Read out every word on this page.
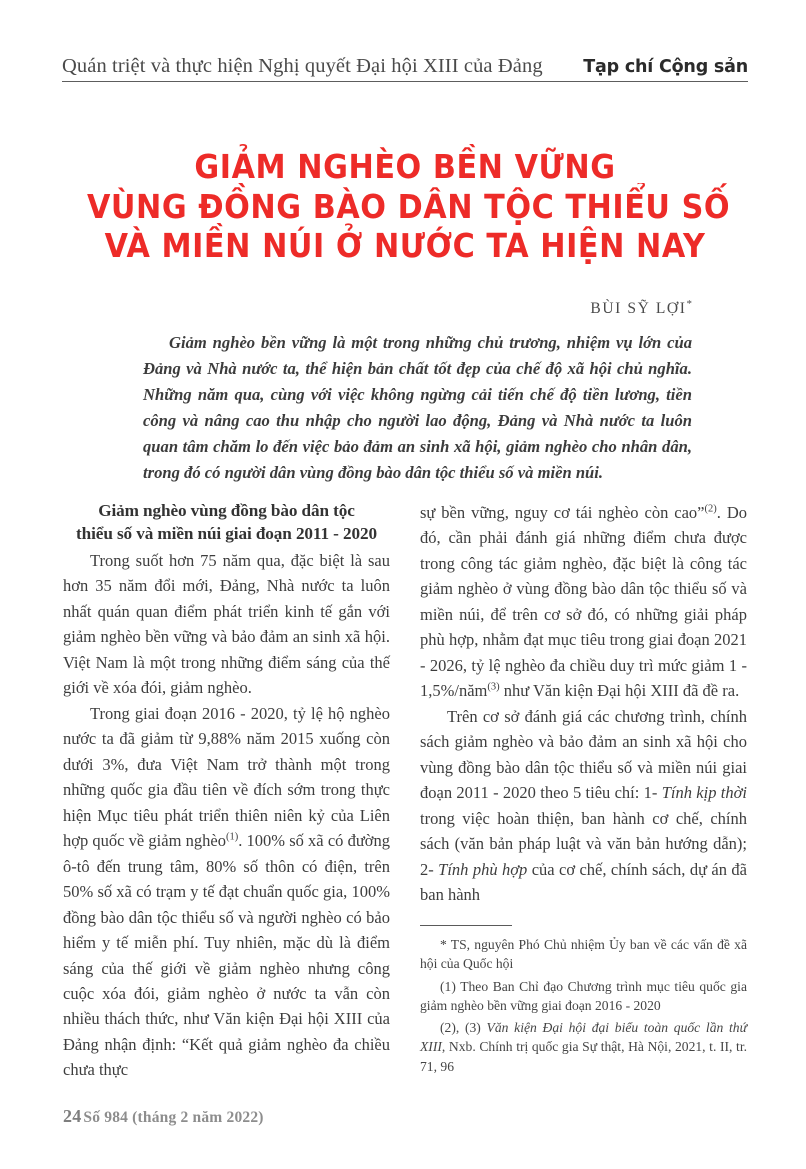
Quán triệt và thực hiện Nghị quyết Đại hội XIII của Đảng Tạp chí Cộng sản
GIẢM NGHÈO BỀN VỮNG
VÙNG ĐỒNG BÀO DÂN TỘC THIỂU SỐ
VÀ MIỀN NÚI Ở NƯỚC TA HIỆN NAY
BÙI SỸ LỢI*
Giảm nghèo bền vững là một trong những chủ trương, nhiệm vụ lớn của Đảng và Nhà nước ta, thể hiện bản chất tốt đẹp của chế độ xã hội chủ nghĩa. Những năm qua, cùng với việc không ngừng cải tiến chế độ tiền lương, tiền công và nâng cao thu nhập cho người lao động, Đảng và Nhà nước ta luôn quan tâm chăm lo đến việc bảo đảm an sinh xã hội, giảm nghèo cho nhân dân, trong đó có người dân vùng đồng bào dân tộc thiểu số và miền núi.
Giảm nghèo vùng đồng bào dân tộc
thiểu số và miền núi giai đoạn 2011 - 2020

Trong suốt hơn 75 năm qua, đặc biệt là sau hơn 35 năm đổi mới, Đảng, Nhà nước ta luôn nhất quán quan điểm phát triển kinh tế gắn với giảm nghèo bền vững và bảo đảm an sinh xã hội. Việt Nam là một trong những điểm sáng của thế giới về xóa đói, giảm nghèo.

Trong giai đoạn 2016 - 2020, tỷ lệ hộ nghèo nước ta đã giảm từ 9,88% năm 2015 xuống còn dưới 3%, đưa Việt Nam trở thành một trong những quốc gia đầu tiên về đích sớm trong thực hiện Mục tiêu phát triển thiên niên kỷ của Liên hợp quốc về giảm nghèo$^{(1)}$. 100% số xã có đường ô-tô đến trung tâm, 80% số thôn có điện, trên 50% số xã có trạm y tế đạt chuẩn quốc gia, 100% đồng bào dân tộc thiểu số và người nghèo có bảo hiểm y tế miễn phí. Tuy nhiên, mặc dù là điểm sáng của thế giới về giảm nghèo nhưng công cuộc xóa đói, giảm nghèo ở nước ta vẫn còn nhiều thách thức, như Văn kiện Đại hội XIII của Đảng nhận định: “Kết quả giảm nghèo đa chiều chưa thực

sự bền vững, nguy cơ tái nghèo còn cao”$^{(2)}$. Do đó, cần phải đánh giá những điểm chưa được trong công tác giảm nghèo, đặc biệt là công tác giảm nghèo ở vùng đồng bào dân tộc thiểu số và miền núi, để trên cơ sở đó, có những giải pháp phù hợp, nhằm đạt mục tiêu trong giai đoạn 2021 - 2026, tỷ lệ nghèo đa chiều duy trì mức giảm 1 - 1,5%/năm$^{(3)}$ như Văn kiện Đại hội XIII đã đề ra.

Trên cơ sở đánh giá các chương trình, chính sách giảm nghèo và bảo đảm an sinh xã hội cho vùng đồng bào dân tộc thiểu số và miền núi giai đoạn 2011 - 2020 theo 5 tiêu chí: 1- Tính kịp thời trong việc hoàn thiện, ban hành cơ chế, chính sách (văn bản pháp luật và văn bản hướng dẫn); 2- Tính phù hợp của cơ chế, chính sách, dự án đã ban hành

* TS, nguyên Phó Chủ nhiệm Ủy ban về các vấn đề xã hội của Quốc hội

(1) Theo Ban Chỉ đạo Chương trình mục tiêu quốc gia giảm nghèo bền vững giai đoạn 2016 - 2020

(2), (3) Văn kiện Đại hội đại biểu toàn quốc lần thứ XIII, Nxb. Chính trị quốc gia Sự thật, Hà Nội, 2021, t. II, tr. 71, 96

24 Số 984 (tháng 2 năm 2022)
